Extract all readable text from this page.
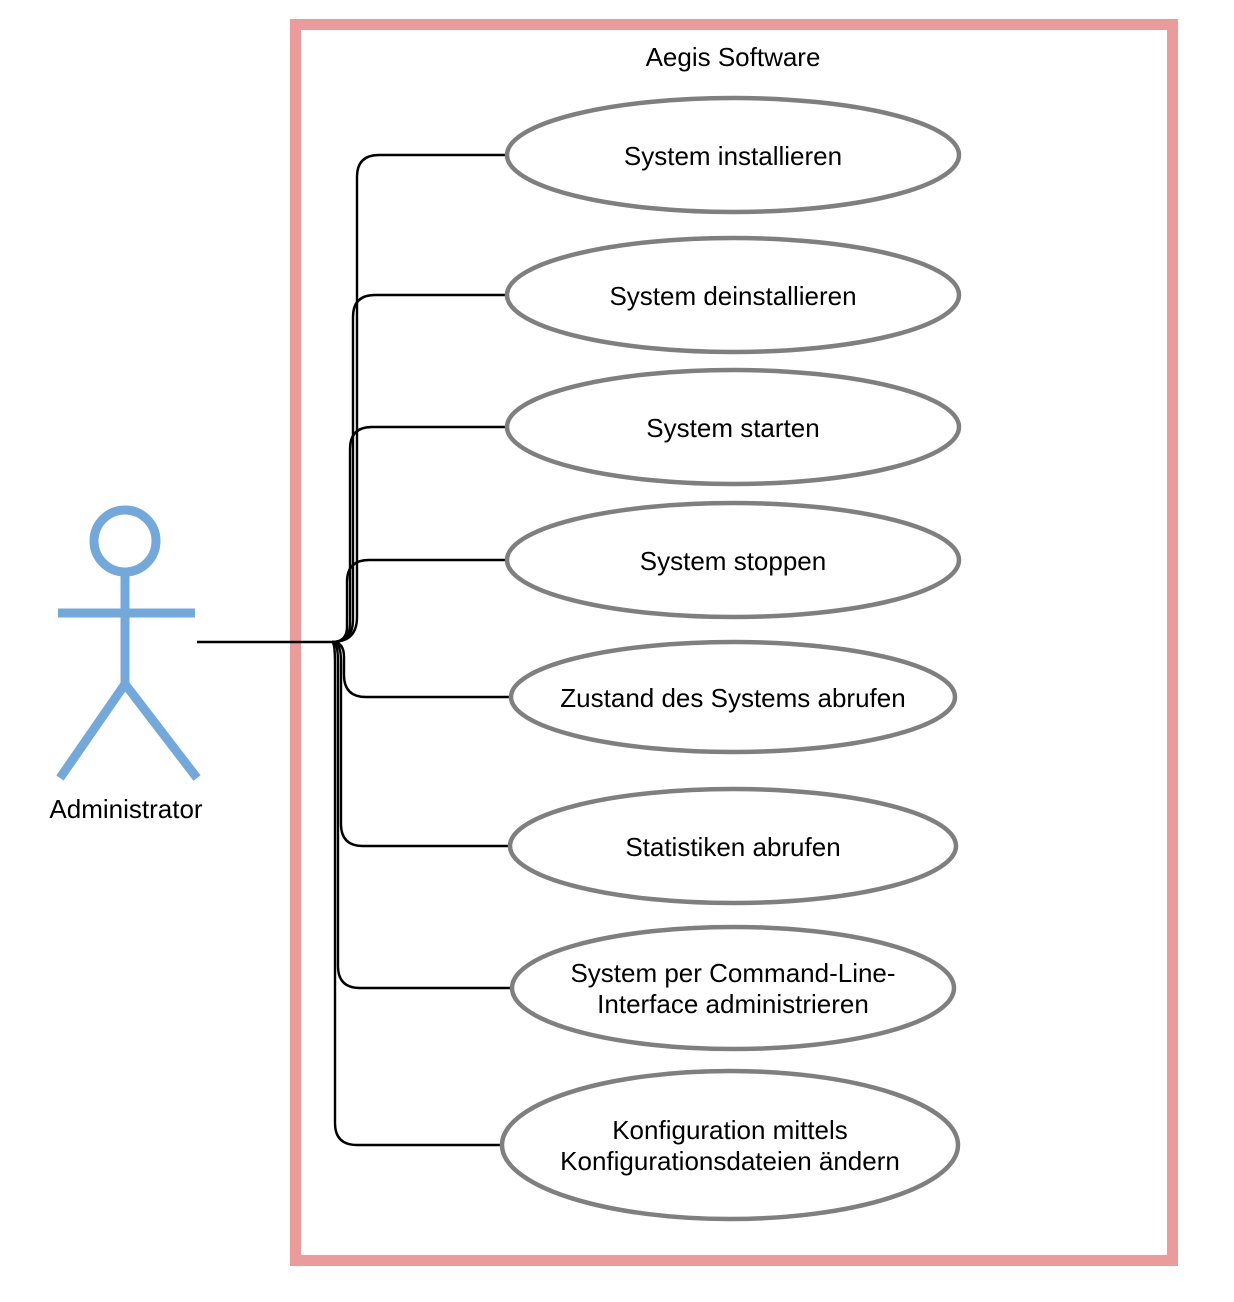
Aegis Software
Administrator
System installieren
System deinstallieren
System starten
System stoppen
Zustand des Systems abrufen
Statistiken abrufen
System per Command-Line-
Interface administrieren
Konfiguration mittels
Konfigurationsdateien ändern
